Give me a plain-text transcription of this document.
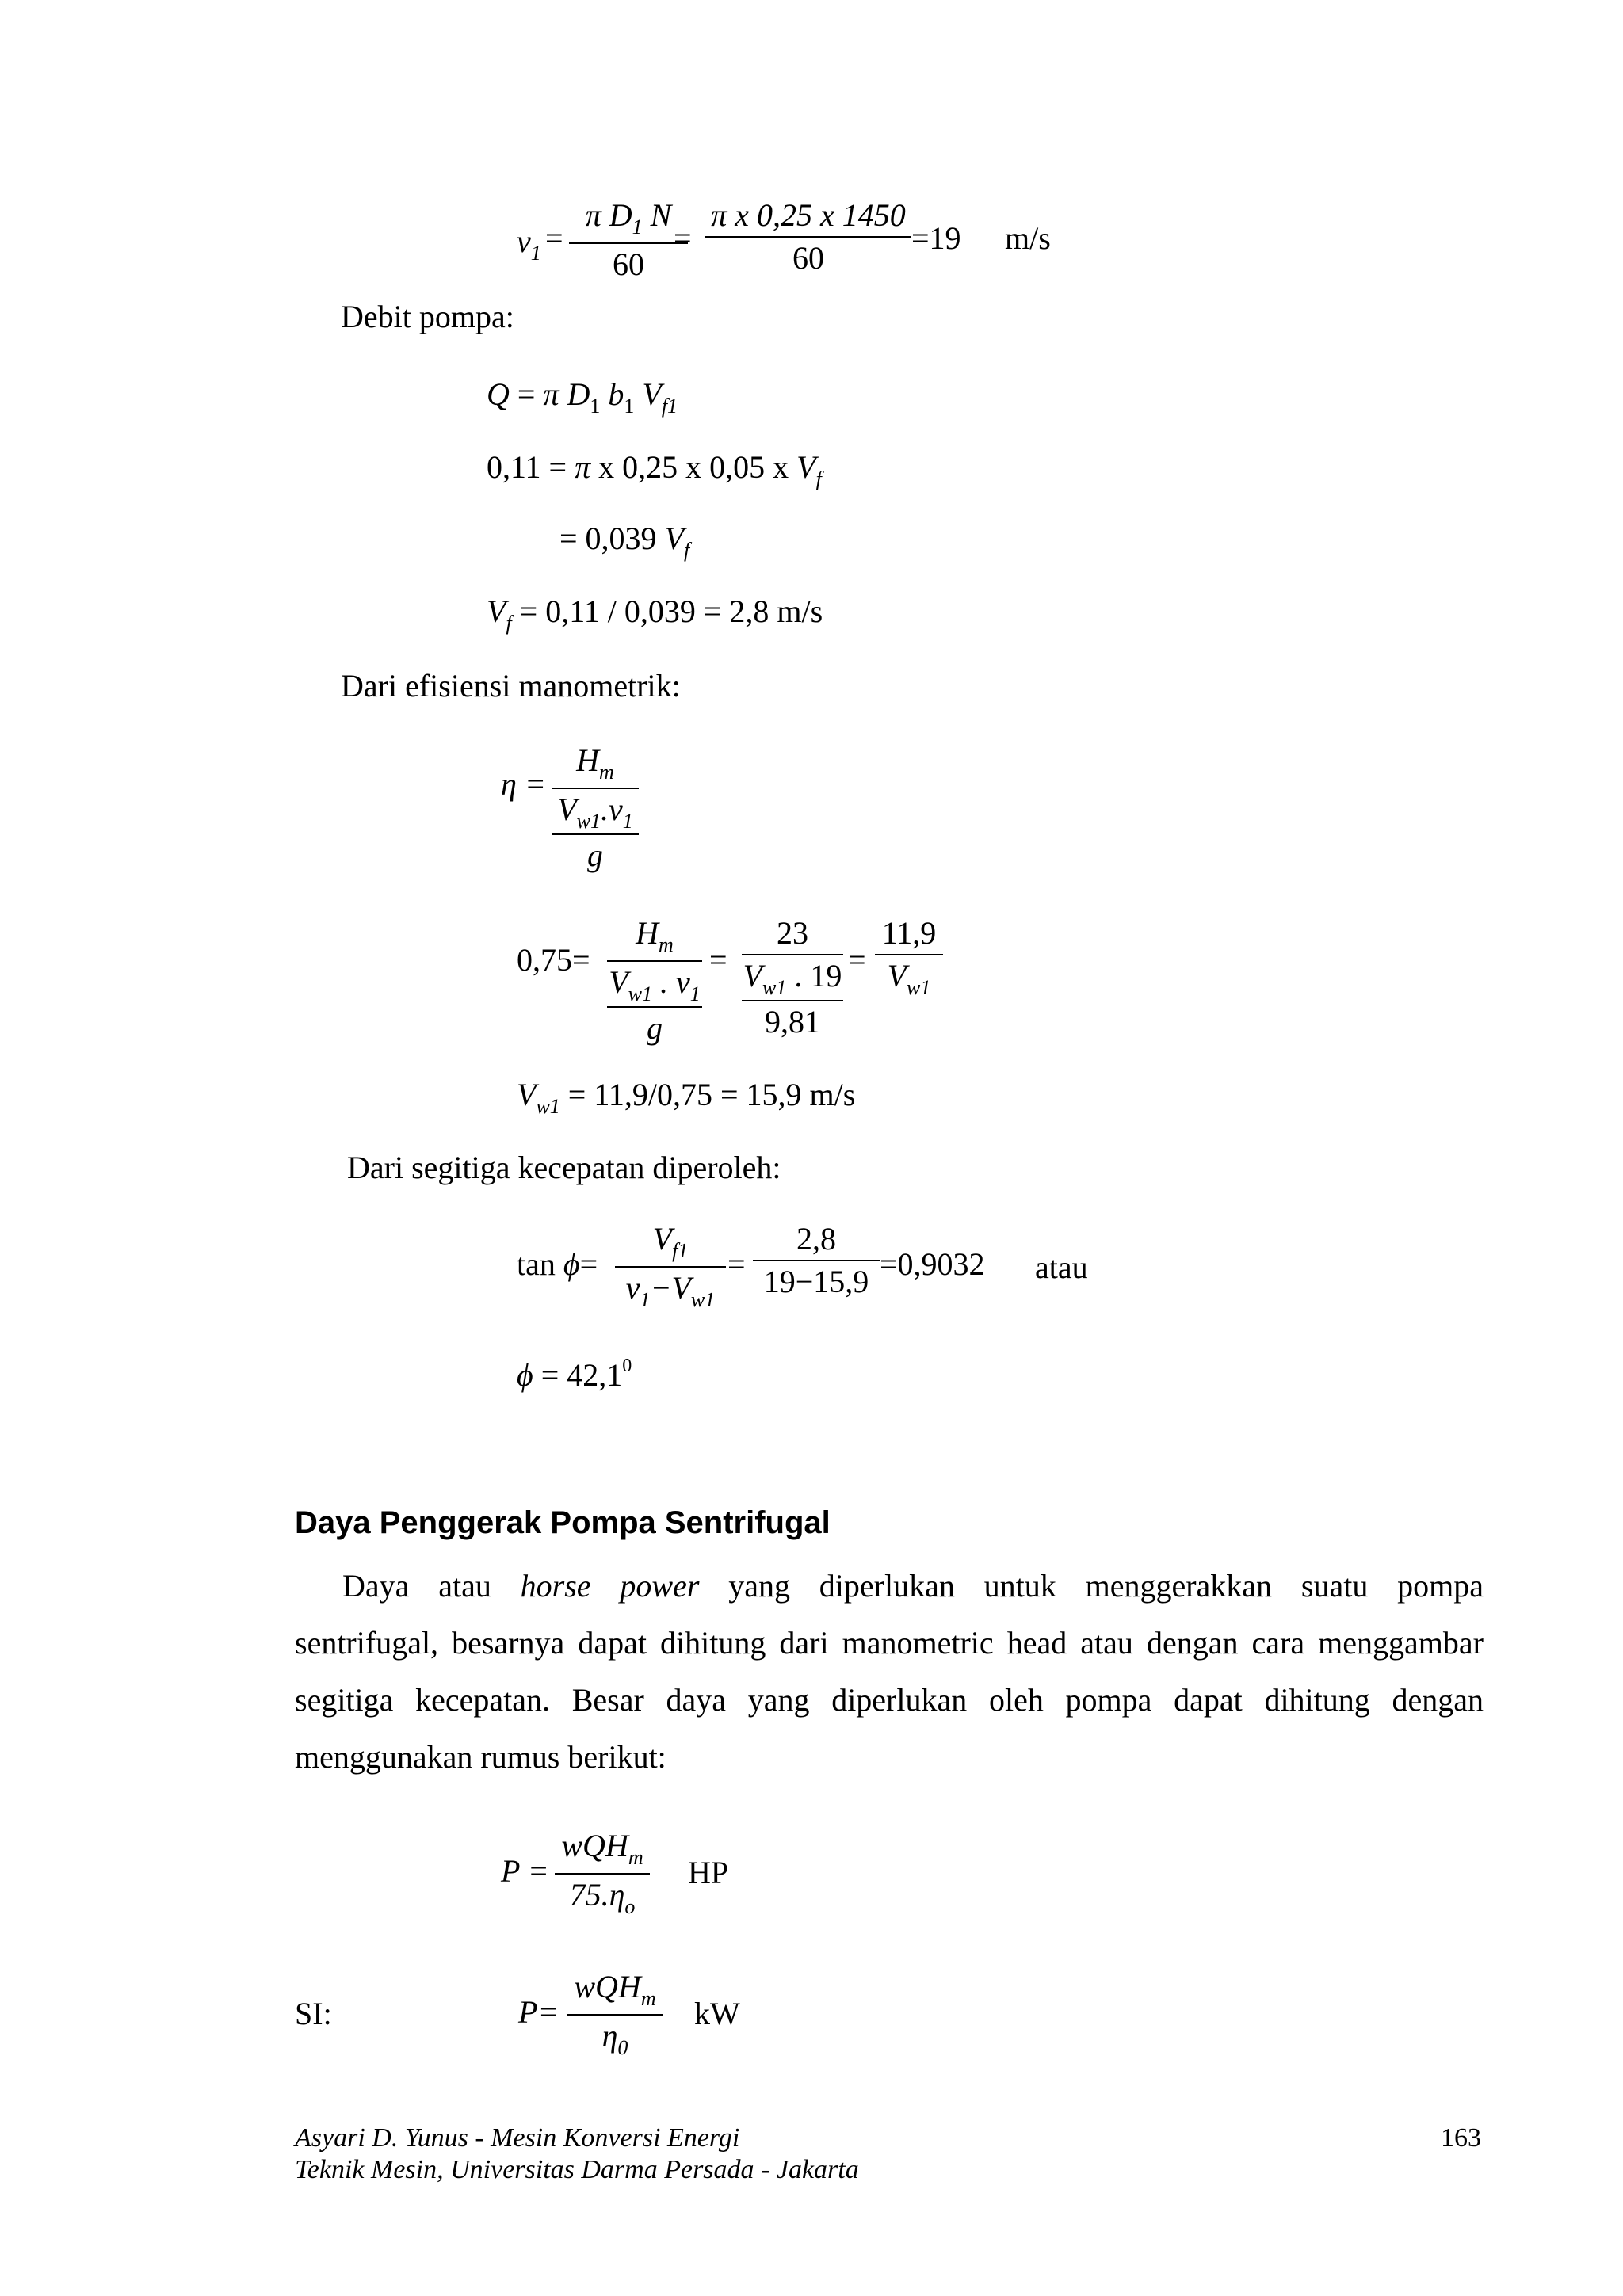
$v_1$ =
π $D_1$ N
60
=
π x 0,25 x 1450
60
=19 m/s
Debit pompa:
Q = π $D_1$ $b_1$ $V_{f1}$
0,11 = π x 0,25 x 0,05 x $V_f$
= 0,039 $V_f$
$V_f = 0,11 / 0,039 = 2,8$ m/s
Dari efisiensi manometrik:
η =
$H_m$
$V_{w1}.v_1$
g
0,75=
$H_m$
$V_{w1}$ . $v_1$
g
=
23
$V_{w1}$ . 19
9,81
=
11,9
$V_{w1}$
$V_{w1} = 11,9/0,75 = 15,9$ m/s
Dari segitiga kecepatan diperoleh:
tan ϕ=
$V_{f1}$
$v_1-V_{w1}$
=
2,8
19−15,9 =0,9032 atau
$\phi = 42,1^0$
Daya Penggerak Pompa Sentrifugal
Daya atau horse power yang diperlukan untuk menggerakkan suatu pompa
sentrifugal, besarnya dapat dihitung dari manometric head atau dengan cara menggambar
segitiga kecepatan. Besar daya yang diperlukan oleh pompa dapat dihitung dengan
menggunakan rumus berikut:
P =
wQH$_m$
$75.\eta_o$
HP
SI:	P=
wQH$_m$
$\eta_0$
kW
Asyari D. Yunus - Mesin Konversi Energi
Teknik Mesin, Universitas Darma Persada - Jakarta
163
